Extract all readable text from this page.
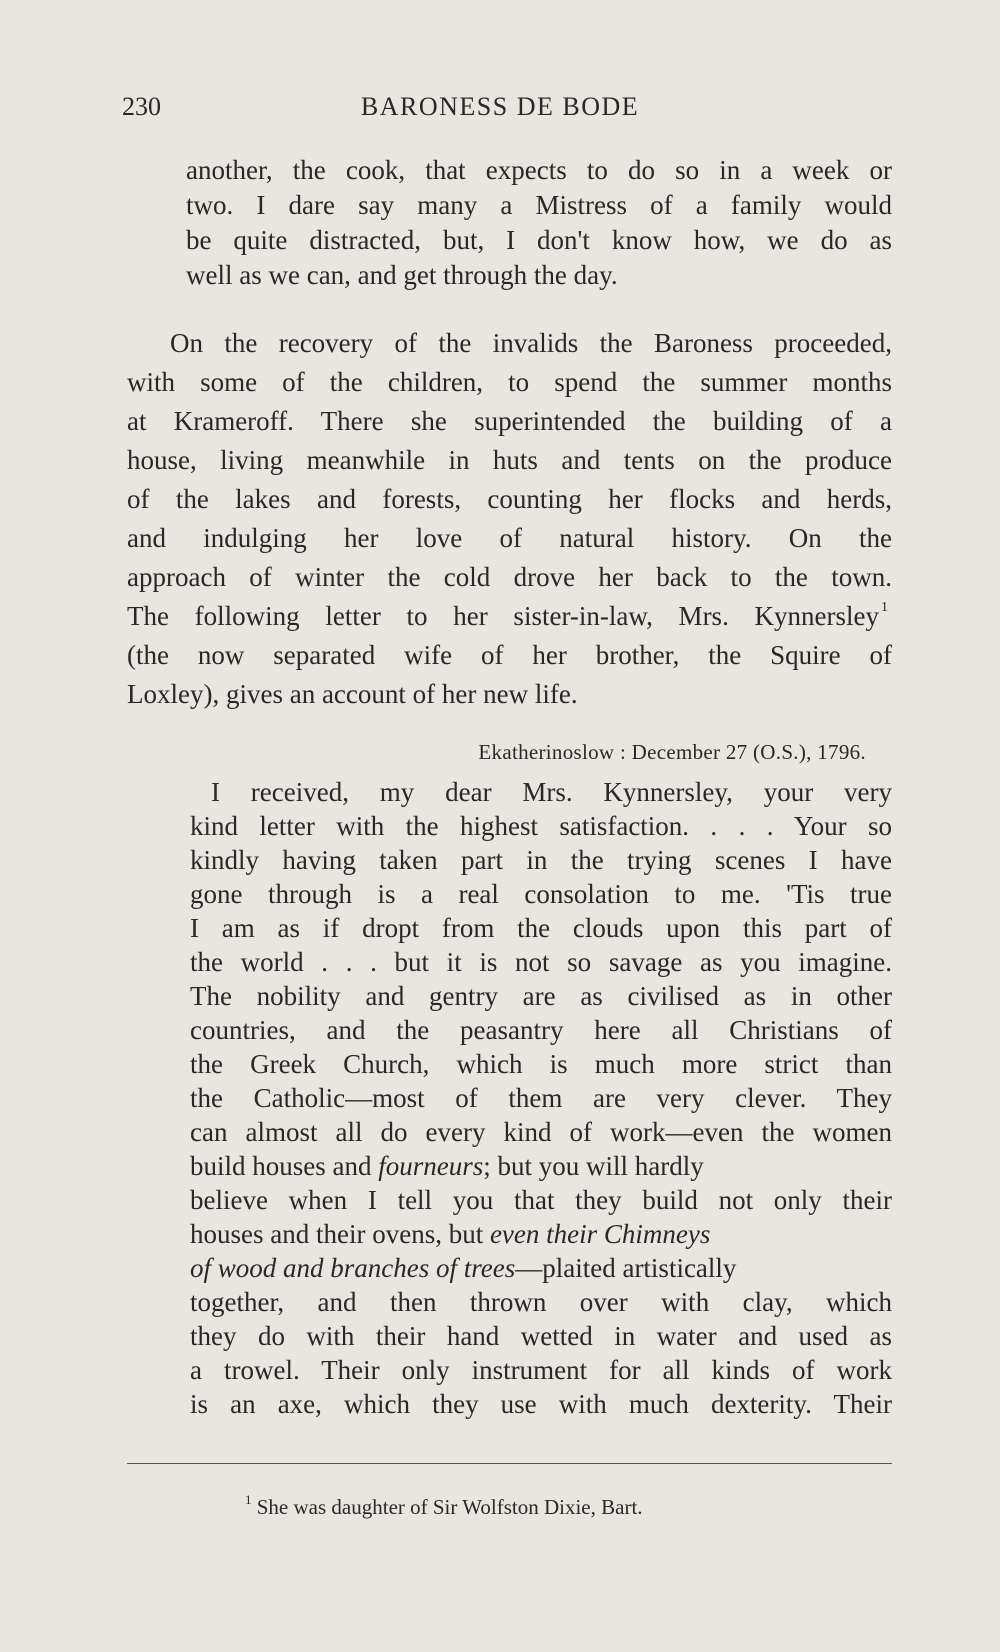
230	BARONESS DE BODE
another, the cook, that expects to do so in a week or
two. I dare say many a Mistress of a family would
be quite distracted, but, I don't know how, we do as
well as we can, and get through the day.
On the recovery of the invalids the Baroness proceeded,
with some of the children, to spend the summer months
at Krameroff. There she superintended the building of a
house, living meanwhile in huts and tents on the produce
of the lakes and forests, counting her flocks and herds,
and indulging her love of natural history. On the
approach of winter the cold drove her back to the town.
The following letter to her sister-in-law, Mrs. Kynnersley 1
(the now separated wife of her brother, the Squire of
Loxley), gives an account of her new life.
Ekatherinoslow : December 27 (O.S.), 1796.
I received, my dear Mrs. Kynnersley, your very
kind letter with the highest satisfaction. . . . Your so
kindly having taken part in the trying scenes I have
gone through is a real consolation to me. 'Tis true
I am as if dropt from the clouds upon this part of
the world . . . but it is not so savage as you imagine.
The nobility and gentry are as civilised as in other
countries, and the peasantry here all Christians of
the Greek Church, which is much more strict than
the Catholic—most of them are very clever. They
can almost all do every kind of work—even the women
build houses and fourneurs; but you will hardly
believe when I tell you that they build not only their
houses and their ovens, but even their Chimneys
of wood and branches of trees—plaited artistically
together, and then thrown over with clay, which
they do with their hand wetted in water and used as
a trowel. Their only instrument for all kinds of work
is an axe, which they use with much dexterity. Their
$^1$ She was daughter of Sir Wolfston Dixie, Bart.
